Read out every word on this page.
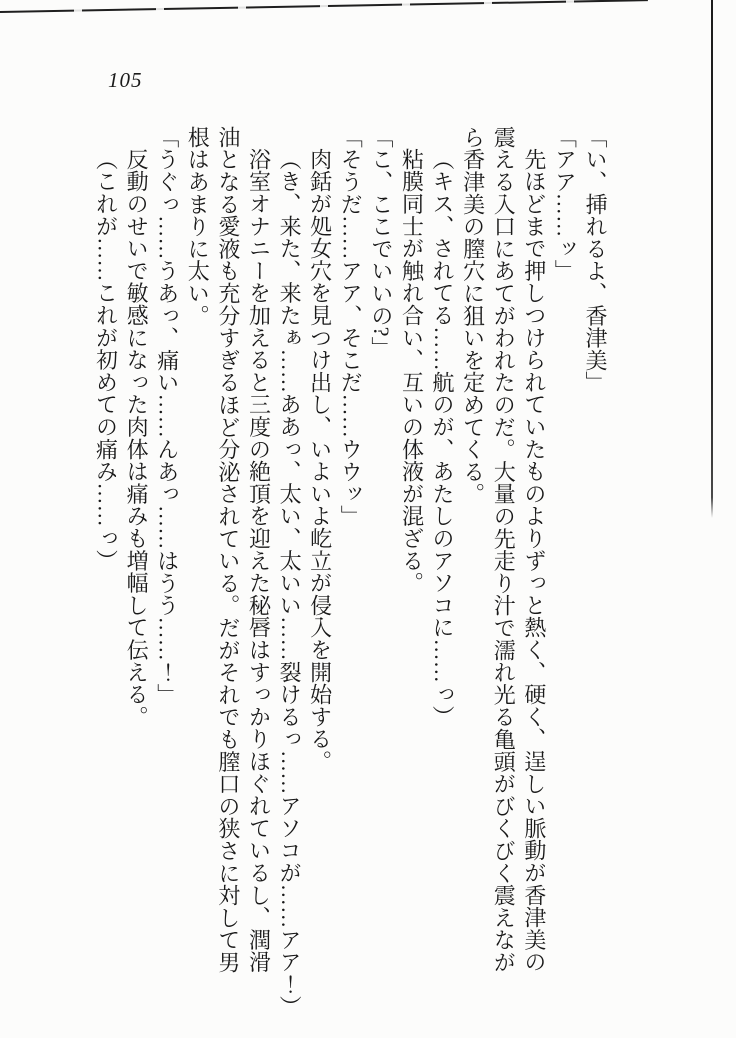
105

「い、挿れるよ、香津美」

「アア……ッ」

先ほどまで押しつけられていたものよりずっと熱く、硬く、逞しい脈動が香津美の

震える入口にあてがわれたのだ。大量の先走り汁で濡れ光る亀頭がびくびく震えなが

ら香津美の膣穴に狙いを定めてくる。

（キス、されてる……航のが、あたしのアソコに……っ）

粘膜同士が触れ合い、互いの体液が混ざる。

「こ、ここでいいの?」

「そうだ……アア、そこだ……ウウッ」

肉銛が処女穴を見つけ出し、いよいよ屹立が侵入を開始する。

（き、来た、来たぁ……ああっ、太い、太いい……裂けるっ……アソコが……アア！）

浴室オナニーを加えると三度の絶頂を迎えた秘唇はすっかりほぐれているし、潤滑

油となる愛液も充分すぎるほど分泌されている。だがそれでも膣口の狭さに対して男

根はあまりに太い。

「うぐっ……うあっ、痛い……んあっ……はうう……！」

反動のせいで敏感になった肉体は痛みも増幅して伝える。

（これが……これが初めての痛み……っ）
